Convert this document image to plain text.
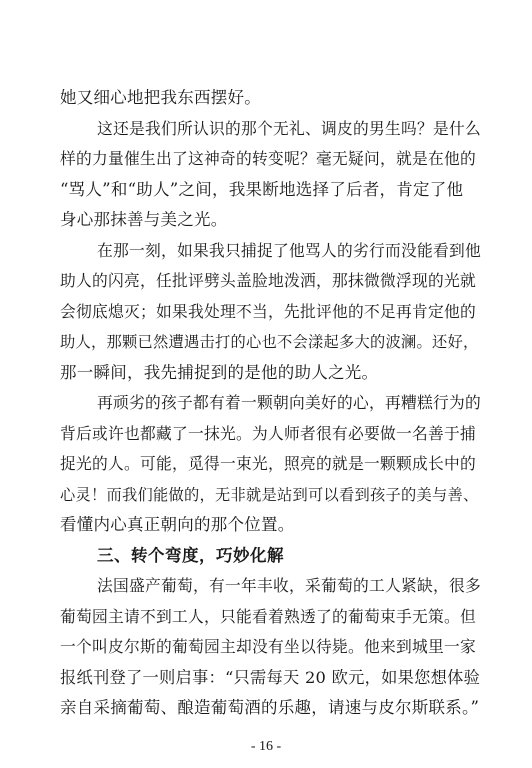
她又细心地把我东西摆好。
这还是我们所认识的那个无礼、调皮的男生吗？是什么
样的力量催生出了这神奇的转变呢？毫无疑问，就是在他的
“骂人”和“助人”之间，我果断地选择了后者，肯定了他
身心那抹善与美之光。
在那一刻，如果我只捕捉了他骂人的劣行而没能看到他
助人的闪亮，任批评劈头盖脸地泼洒，那抹微微浮现的光就
会彻底熄灭；如果我处理不当，先批评他的不足再肯定他的
助人，那颗已然遭遇击打的心也不会漾起多大的波澜。还好，
那一瞬间，我先捕捉到的是他的助人之光。
再顽劣的孩子都有着一颗朝向美好的心，再糟糕行为的
背后或许也都藏了一抹光。为人师者很有必要做一名善于捕
捉光的人。可能，觅得一束光，照亮的就是一颗颗成长中的
心灵！而我们能做的，无非就是站到可以看到孩子的美与善、
看懂内心真正朝向的那个位置。
三、转个弯度，巧妙化解
法国盛产葡萄，有一年丰收，采葡萄的工人紧缺，很多
葡萄园主请不到工人，只能看着熟透了的葡萄束手无策。但
一个叫皮尔斯的葡萄园主却没有坐以待毙。他来到城里一家
报纸刊登了一则启事：“只需每天 20 欧元，如果您想体验
亲自采摘葡萄、酿造葡萄酒的乐趣，请速与皮尔斯联系。”
- 16 -
